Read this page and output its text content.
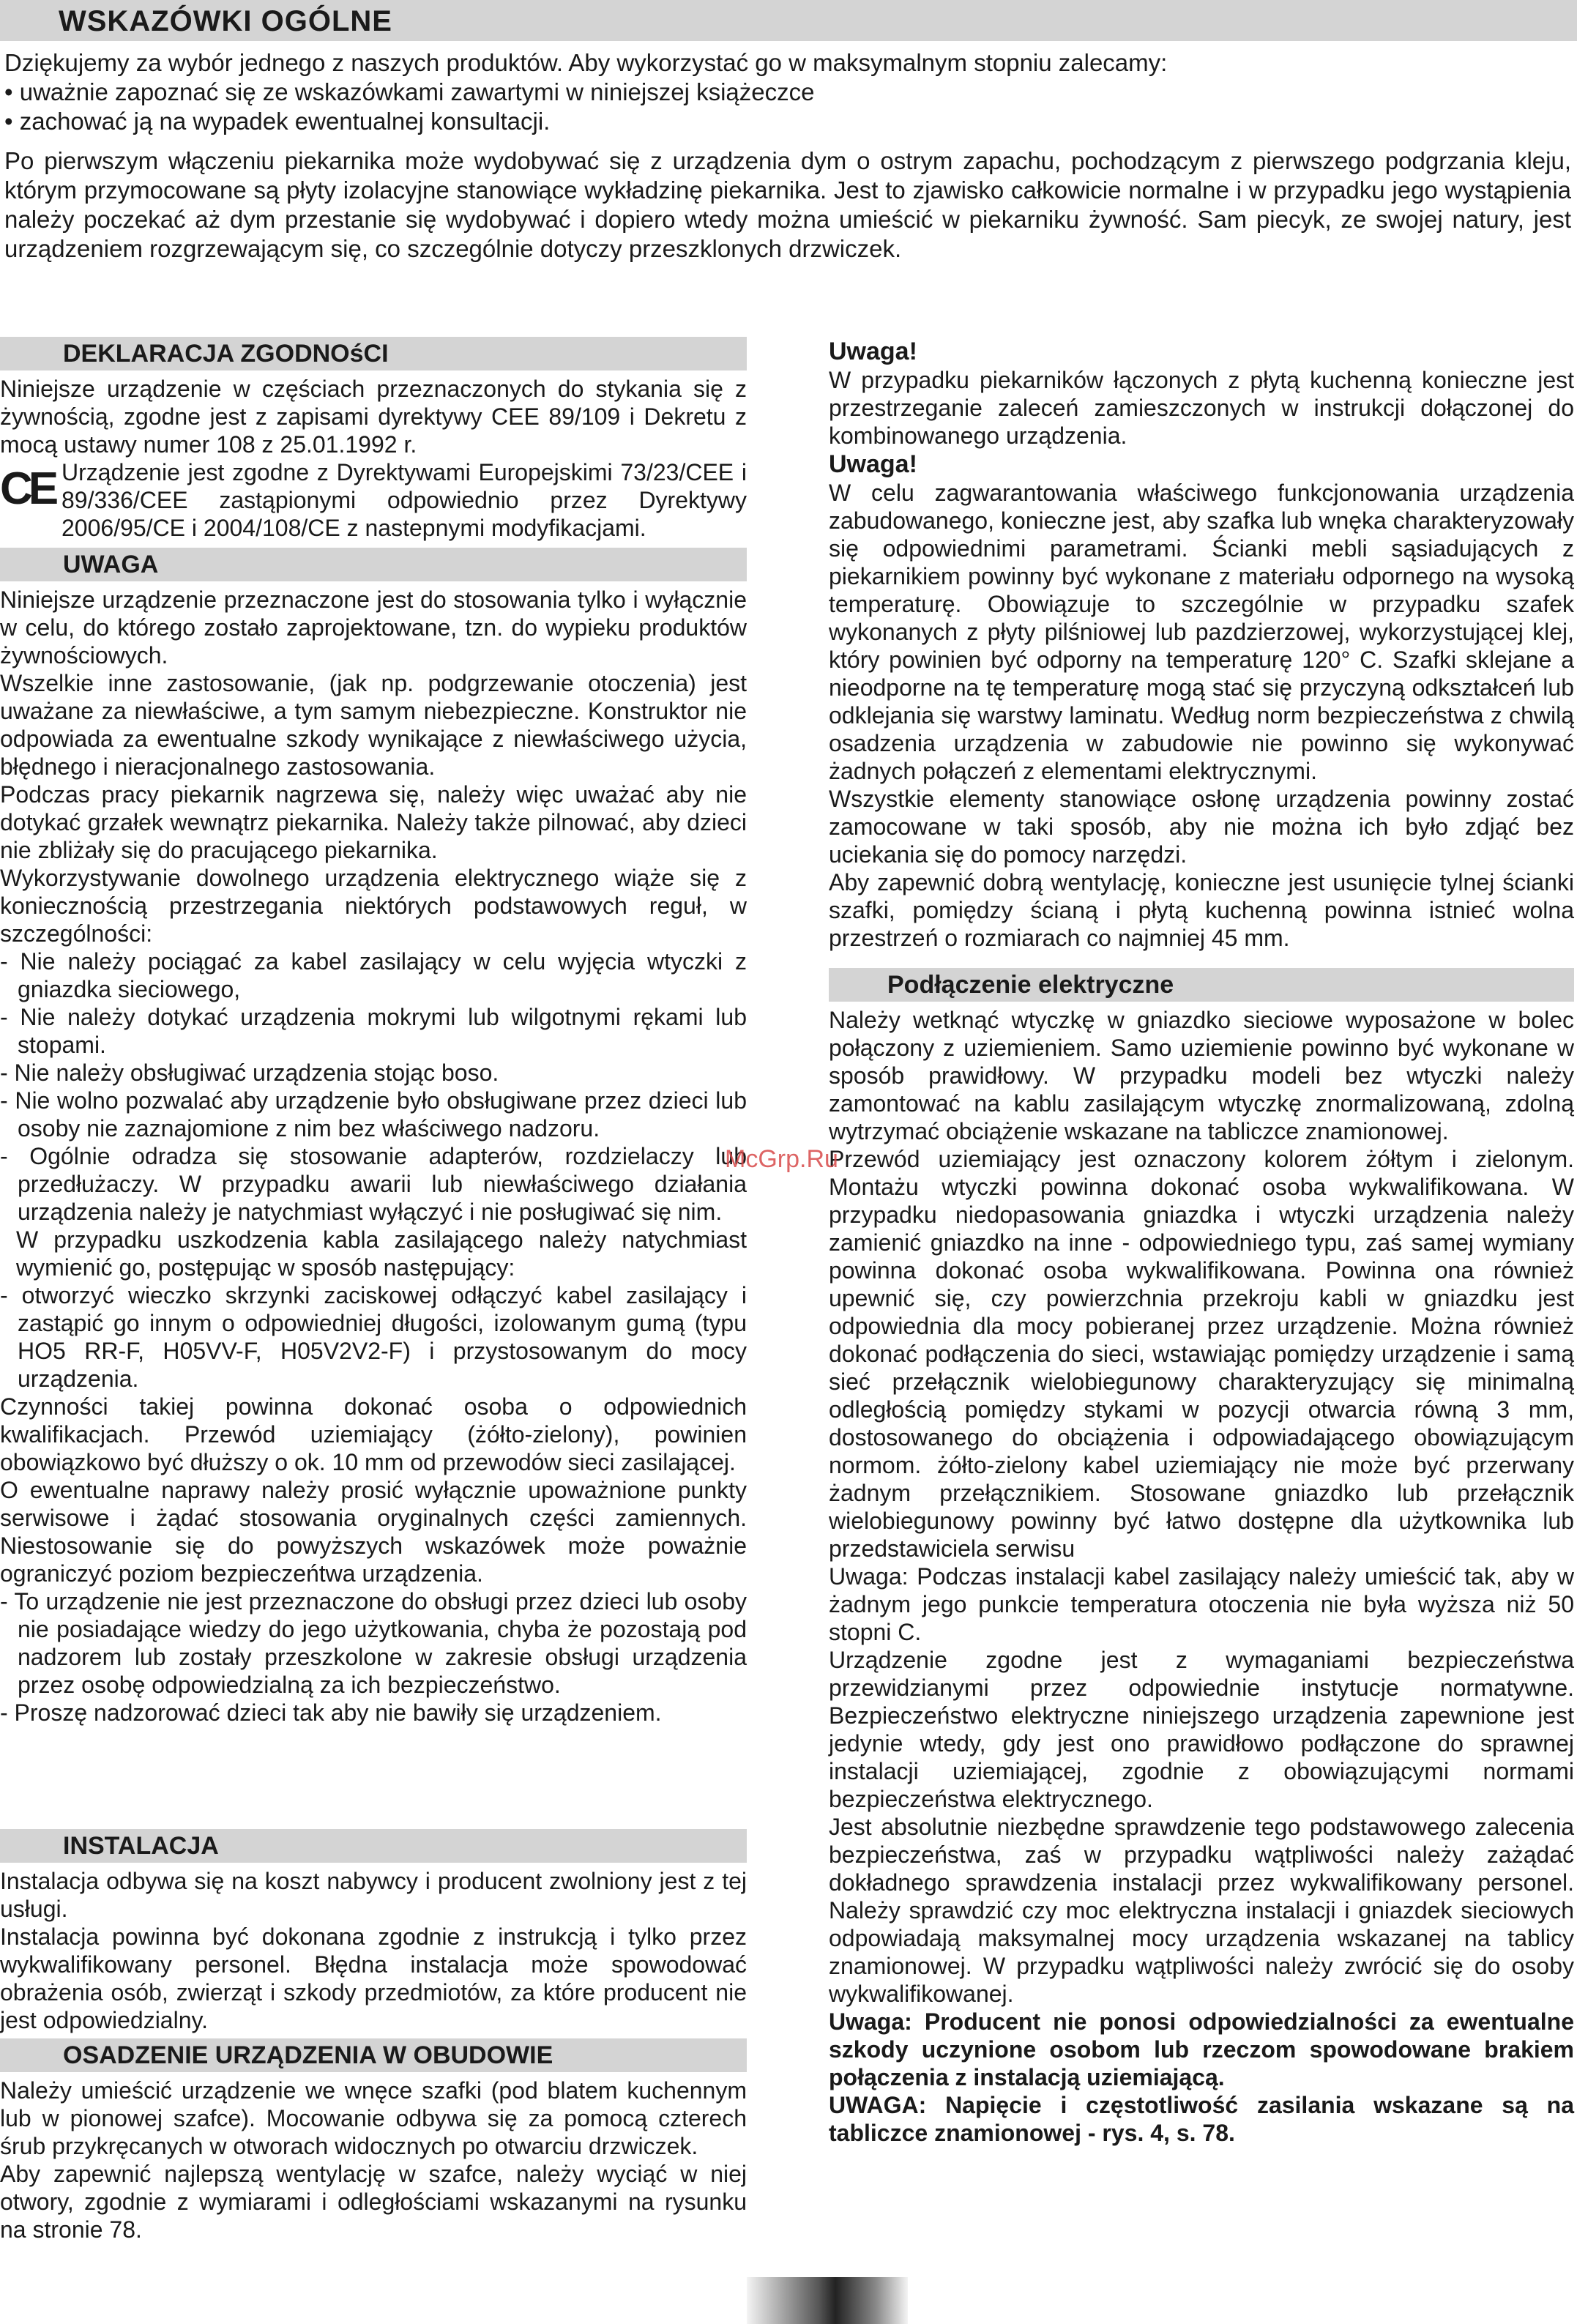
WSKAZÓWKI OGÓLNE

Dziękujemy za wybór jednego z naszych produktów. Aby wykorzystać go w maksymalnym stopniu zalecamy:

• uważnie zapoznać się ze wskazówkami zawartymi w niniejszej książeczce

• zachować ją na wypadek ewentualnej konsultacji.

Po pierwszym włączeniu piekarnika może wydobywać się z urządzenia dym o ostrym zapachu, pochodzącym z pierwszego podgrzania kleju, którym przymocowane są płyty izolacyjne stanowiące wykładzinę piekarnika. Jest to zjawisko całkowicie normalne i w przypadku jego wystąpienia należy poczekać aż dym przestanie się wydobywać i dopiero wtedy można umieścić w piekarniku żywność. Sam piecyk, ze swojej natury, jest urządzeniem rozgrzewającym się, co szczególnie dotyczy przeszklonych drzwiczek.

DEKLARACJA ZGODNOśCI

Niniejsze urządzenie w częściach przeznaczonych do stykania się z żywnością, zgodne jest z zapisami dyrektywy CEE 89/109 i Dekretu z mocą ustawy numer 108 z 25.01.1992 r.

CE Urządzenie jest zgodne z Dyrektywami Europejskimi 73/23/CEE i 89/336/CEE zastąpionymi odpowiednio przez Dyrektywy 2006/95/CE i 2004/108/CE z nastepnymi modyfikacjami.

UWAGA

Niniejsze urządzenie przeznaczone jest do stosowania tylko i wyłącznie w celu, do którego zostało zaprojektowane, tzn. do wypieku produktów żywnościowych.

Wszelkie inne zastosowanie, (jak np. podgrzewanie otoczenia) jest uważane za niewłaściwe, a tym samym niebezpieczne. Konstruktor nie odpowiada za ewentualne szkody wynikające z niewłaściwego użycia, błędnego i nieracjonalnego zastosowania.

Podczas pracy piekarnik nagrzewa się, należy więc uważać aby nie dotykać grzałek wewnątrz piekarnika. Należy także pilnować, aby dzieci nie zbliżały się do pracującego piekarnika.

Wykorzystywanie dowolnego urządzenia elektrycznego wiąże się z koniecznością przestrzegania niektórych podstawowych reguł, w szczególności:

- Nie należy pociągać za kabel zasilający w celu wyjęcia wtyczki z gniazdka sieciowego,

- Nie należy dotykać urządzenia mokrymi lub wilgotnymi rękami lub stopami.

- Nie należy obsługiwać urządzenia stojąc boso.

- Nie wolno pozwalać aby urządzenie było obsługiwane przez dzieci lub osoby nie zaznajomione z nim bez właściwego nadzoru.

- Ogólnie odradza się stosowanie adapterów, rozdzielaczy lub przedłużaczy. W przypadku awarii lub niewłaściwego działania urządzenia należy je natychmiast wyłączyć i nie posługiwać się nim.

W przypadku uszkodzenia kabla zasilającego należy natychmiast wymienić go, postępując w sposób następujący:

- otworzyć wieczko skrzynki zaciskowej odłączyć kabel zasilający i zastąpić go innym o odpowiedniej długości, izolowanym gumą (typu HO5 RR-F, H05VV-F, H05V2V2-F) i przystosowanym do mocy urządzenia.

Czynności takiej powinna dokonać osoba o odpowiednich kwalifikacjach. Przewód uziemiający (żółto-zielony), powinien obowiązkowo być dłuższy o ok. 10 mm od przewodów sieci zasilającej.

O ewentualne naprawy należy prosić wyłącznie upoważnione punkty serwisowe i żądać stosowania oryginalnych części zamiennych. Niestosowanie się do powyższych wskazówek może poważnie ograniczyć poziom bezpieczeńtwa urządzenia.

- To urządzenie nie jest przeznaczone do obsługi przez dzieci lub osoby nie posiadające wiedzy do jego użytkowania, chyba że pozostają pod nadzorem lub zostały przeszkolone w zakresie obsługi urządzenia przez osobę odpowiedzialną za ich bezpieczeństwo.

- Proszę nadzorować dzieci tak aby nie bawiły się urządzeniem.

INSTALACJA

Instalacja odbywa się na koszt nabywcy i producent zwolniony jest z tej usługi.

Instalacja powinna być dokonana zgodnie z instrukcją i tylko przez wykwalifikowany personel. Błędna instalacja może spowodować obrażenia osób, zwierząt i szkody przedmiotów, za które producent nie jest odpowiedzialny.

OSADZENIE URZĄDZENIA W OBUDOWIE

Należy umieścić urządzenie we wnęce szafki (pod blatem kuchennym lub w pionowej szafce). Mocowanie odbywa się za pomocą czterech śrub przykręcanych w otworach widocznych po otwarciu drzwiczek.

Aby zapewnić najlepszą wentylację w szafce, należy wyciąć w niej otwory, zgodnie z wymiarami i odległościami wskazanymi na rysunku na stronie 78.

Uwaga!

W przypadku piekarników łączonych z płytą kuchenną konieczne jest przestrzeganie zaleceń zamieszczonych w instrukcji dołączonej do kombinowanego urządzenia.

Uwaga!

W celu zagwarantowania właściwego funkcjonowania urządzenia zabudowanego, konieczne jest, aby szafka lub wnęka charakteryzowały się odpowiednimi parametrami. Ścianki mebli sąsiadujących z piekarnikiem powinny być wykonane z materiału odpornego na wysoką temperaturę. Obowiązuje to szczególnie w przypadku szafek wykonanych z płyty pilśniowej lub pazdzierzowej, wykorzystującej klej, który powinien być odporny na temperaturę 120° C. Szafki sklejane a nieodporne na tę temperaturę mogą stać się przyczyną odkształceń lub odklejania się warstwy laminatu. Według norm bezpieczeństwa z chwilą osadzenia urządzenia w zabudowie nie powinno się wykonywać żadnych połączeń z elementami elektrycznymi.

Wszystkie elementy stanowiące osłonę urządzenia powinny zostać zamocowane w taki sposób, aby nie można ich było zdjąć bez uciekania się do pomocy narzędzi.

Aby zapewnić dobrą wentylację, konieczne jest usunięcie tylnej ścianki szafki, pomiędzy ścianą i płytą kuchenną powinna istnieć wolna przestrzeń o rozmiarach co najmniej 45 mm.

Podłączenie elektryczne

Należy wetknąć wtyczkę w gniazdko sieciowe wyposażone w bolec połączony z uziemieniem. Samo uziemienie powinno być wykonane w sposób prawidłowy. W przypadku modeli bez wtyczki należy zamontować na kablu zasilającym wtyczkę znormalizowaną, zdolną wytrzymać obciążenie wskazane na tabliczce znamionowej.

Przewód uziemiający jest oznaczony kolorem żółtym i zielonym. Montażu wtyczki powinna dokonać osoba wykwalifikowana. W przypadku niedopasowania gniazdka i wtyczki urządzenia należy zamienić gniazdko na inne - odpowiedniego typu, zaś samej wymiany powinna dokonać osoba wykwalifikowana. Powinna ona również upewnić się, czy powierzchnia przekroju kabli w gniazdku jest odpowiednia dla mocy pobieranej przez urządzenie. Można również dokonać podłączenia do sieci, wstawiając pomiędzy urządzenie i samą sieć przełącznik wielobiegunowy charakteryzujący się minimalną odległością pomiędzy stykami w pozycji otwarcia równą 3 mm, dostosowanego do obciążenia i odpowiadającego obowiązującym normom. żółto-zielony kabel uziemiający nie może być przerwany żadnym przełącznikiem. Stosowane gniazdko lub przełącznik wielobiegunowy powinny być łatwo dostępne dla użytkownika lub przedstawiciela serwisu

Uwaga: Podczas instalacji kabel zasilający należy umieścić tak, aby w żadnym jego punkcie temperatura otoczenia nie była wyższa niż 50 stopni C.

Urządzenie zgodne jest z wymaganiami bezpieczeństwa przewidzianymi przez odpowiednie instytucje normatywne. Bezpieczeństwo elektryczne niniejszego urządzenia zapewnione jest jedynie wtedy, gdy jest ono prawidłowo podłączone do sprawnej instalacji uziemiającej, zgodnie z obowiązującymi normami bezpieczeństwa elektrycznego.

Jest absolutnie niezbędne sprawdzenie tego podstawowego zalecenia bezpieczeństwa, zaś w przypadku wątpliwości należy zażądać dokładnego sprawdzenia instalacji przez wykwalifikowany personel. Należy sprawdzić czy moc elektryczna instalacji i gniazdek sieciowych odpowiadają maksymalnej mocy urządzenia wskazanej na tablicy znamionowej. W przypadku wątpliwości należy zwrócić się do osoby wykwalifikowanej.

Uwaga: Producent nie ponosi odpowiedzialności za ewentualne szkody uczynione osobom lub rzeczom spowodowane brakiem połączenia z instalacją uziemiającą.

UWAGA: Napięcie i częstotliwość zasilania wskazane są na tabliczce znamionowej - rys. 4, s. 78.

McGrp.Ru
